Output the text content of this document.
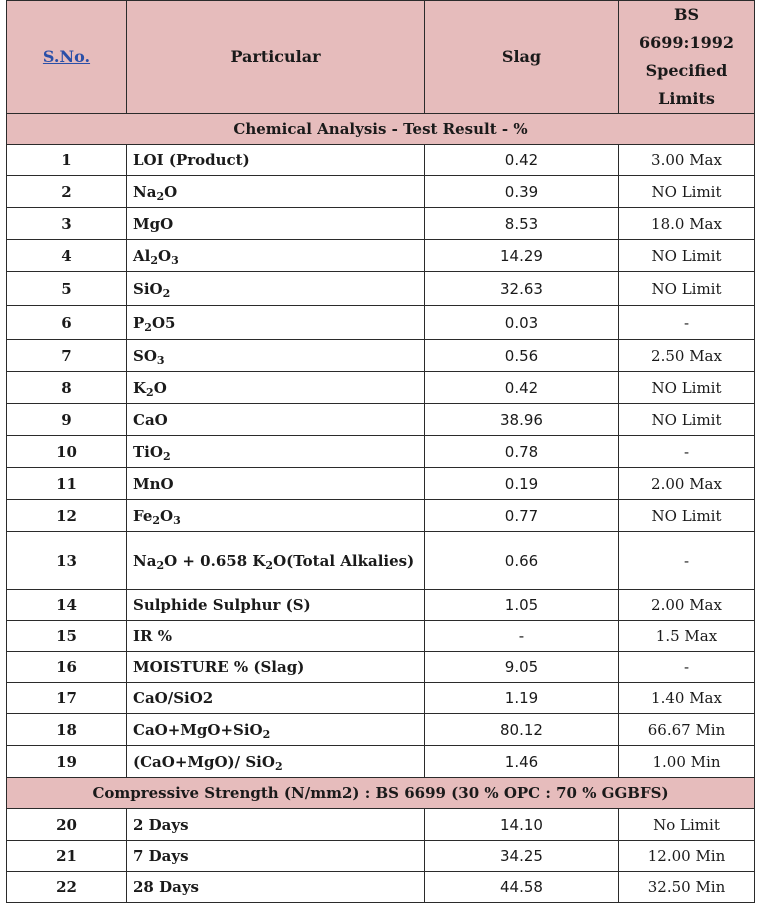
S.No.	Particular	Slag	BS 6699:1992
Specified
Limits
Chemical Analysis - Test Result - %			
1	LOI (Product)	0.42	3.00 Max
2	$Na_2O$	0.39	NO Limit
3	MgO	8.53	18.0 Max
4	$Al_2O_3$	14.29	NO Limit
5	SiO$_2$	32.63	NO Limit
6	$P_2O5$	0.03	-
7	$SO_3$	0.56	2.50 Max
8	$K_2O$	0.42	NO Limit
9	CaO	38.96	NO Limit
10	TiO$_2$	0.78	-
11	MnO	0.19	2.00 Max
12	$Fe_2O_3$	0.77	NO Limit
13	$Na_2O + 0.658$ $K_2O(Total$ Alkalies)	0.66	-
14	Sulphide Sulphur (S)	1.05	2.00 Max
15	IR %	-	1.5 Max
16	MOISTURE % (Slag)	9.05	-
17	CaO/SiO2	1.19	1.40 Max
18	CaO+MgO+SiO$_2$	80.12	66.67 Min
19	(CaO+MgO)/ SiO$_2$	1.46	1.00 Min
Compressive Strength (N/mm2) : BS 6699 (30 % OPC : 70 % GGBFS)			
20	2 Days	14.10	No Limit
21	7 Days	34.25	12.00 Min
22	28 Days	44.58	32.50 Min
